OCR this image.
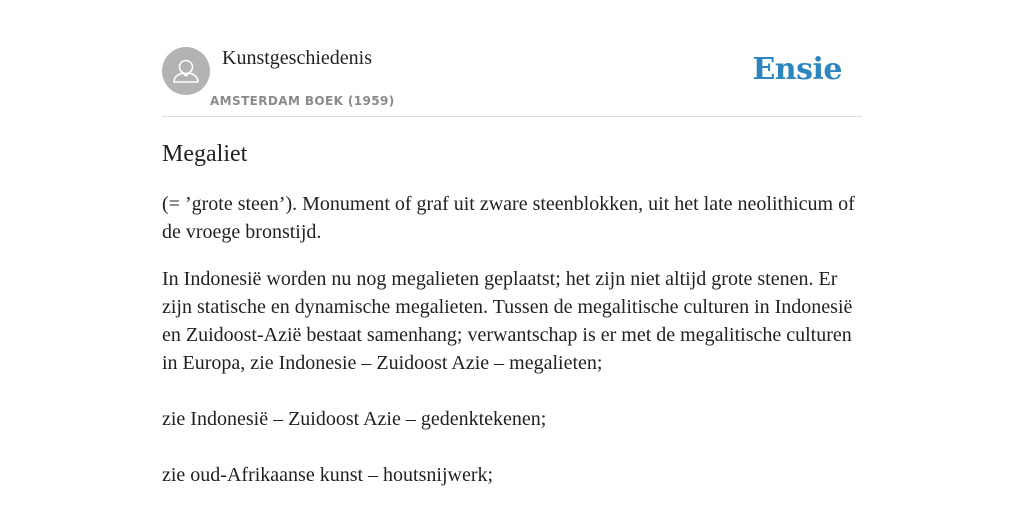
Kunstgeschiedenis
AMSTERDAM BOEK (1959)
Ensie
Megaliet

(= ’grote steen’). Monument of graf uit zware steenblokken, uit het late neolithicum of de vroege bronstijd.

In Indonesië worden nu nog megalieten geplaatst; het zijn niet altijd grote stenen. Er zijn statische en dynamische megalieten. Tussen de megalitische culturen in Indonesië en Zuidoost-Azië bestaat samenhang; verwantschap is er met de megalitische culturen in Europa, zie Indonesie – Zuidoost Azie – megalieten;

zie Indonesië – Zuidoost Azie – gedenktekenen;

zie oud-Afrikaanse kunst – houtsnijwerk;
